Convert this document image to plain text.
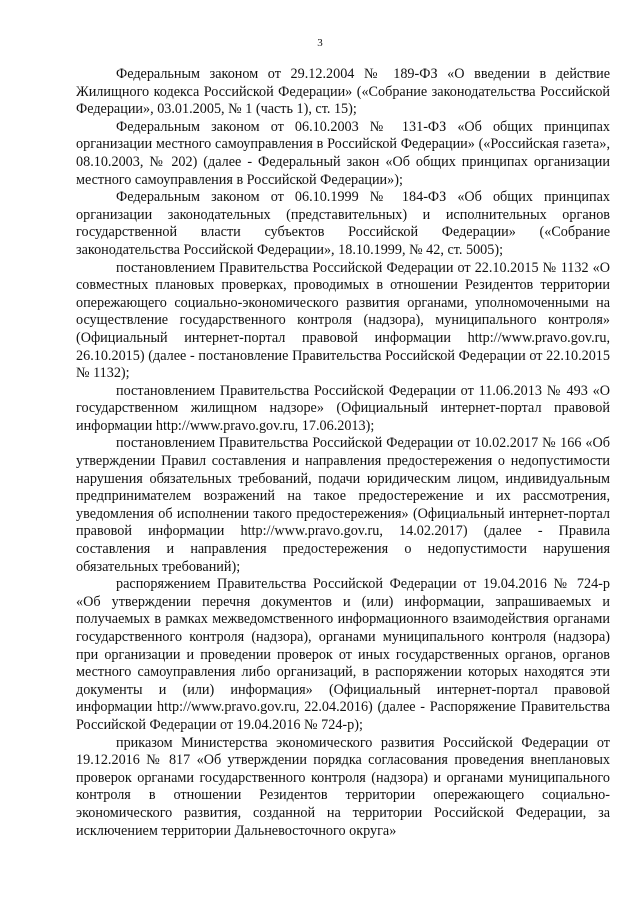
3

Федеральным законом от 29.12.2004 № 189-ФЗ «О введении в действие Жилищного кодекса Российской Федерации» («Собрание законодательства Российской Федерации», 03.01.2005, № 1 (часть 1), ст. 15);

Федеральным законом от 06.10.2003 № 131-ФЗ «Об общих принципах организации местного самоуправления в Российской Федерации» («Российская газета», 08.10.2003, № 202) (далее - Федеральный закон «Об общих принципах организации местного самоуправления в Российской Федерации»);

Федеральным законом от 06.10.1999 № 184-ФЗ «Об общих принципах организации законодательных (представительных) и исполнительных органов государственной власти субъектов Российской Федерации» («Собрание законодательства Российской Федерации», 18.10.1999, № 42, ст. 5005);

постановлением Правительства Российской Федерации от 22.10.2015 № 1132 «О совместных плановых проверках, проводимых в отношении Резидентов территории опережающего социально-экономического развития органами, уполномоченными на осуществление государственного контроля (надзора), муниципального контроля» (Официальный интернет-портал правовой информации http://www.pravo.gov.ru, 26.10.2015) (далее - постановление Правительства Российской Федерации от 22.10.2015 № 1132);

постановлением Правительства Российской Федерации от 11.06.2013 № 493 «О государственном жилищном надзоре» (Официальный интернет-портал правовой информации http://www.pravo.gov.ru, 17.06.2013);

постановлением Правительства Российской Федерации от 10.02.2017 № 166 «Об утверждении Правил составления и направления предостережения о недопустимости нарушения обязательных требований, подачи юридическим лицом, индивидуальным предпринимателем возражений на такое предостережение и их рассмотрения, уведомления об исполнении такого предостережения» (Официальный интернет-портал правовой информации http://www.pravo.gov.ru, 14.02.2017) (далее - Правила составления и направления предостережения о недопустимости нарушения обязательных требований);

распоряжением Правительства Российской Федерации от 19.04.2016 № 724-р «Об утверждении перечня документов и (или) информации, запрашиваемых и получаемых в рамках межведомственного информационного взаимодействия органами государственного контроля (надзора), органами муниципального контроля (надзора) при организации и проведении проверок от иных государственных органов, органов местного самоуправления либо организаций, в распоряжении которых находятся эти документы и (или) информация» (Официальный интернет-портал правовой информации http://www.pravo.gov.ru, 22.04.2016) (далее - Распоряжение Правительства Российской Федерации от 19.04.2016 № 724-р);

приказом Министерства экономического развития Российской Федерации от 19.12.2016 № 817 «Об утверждении порядка согласования проведения внеплановых проверок органами государственного контроля (надзора) и органами муниципального контроля в отношении Резидентов территории опережающего социально-экономического развития, созданной на территории Российской Федерации, за исключением территории Дальневосточного округа»
